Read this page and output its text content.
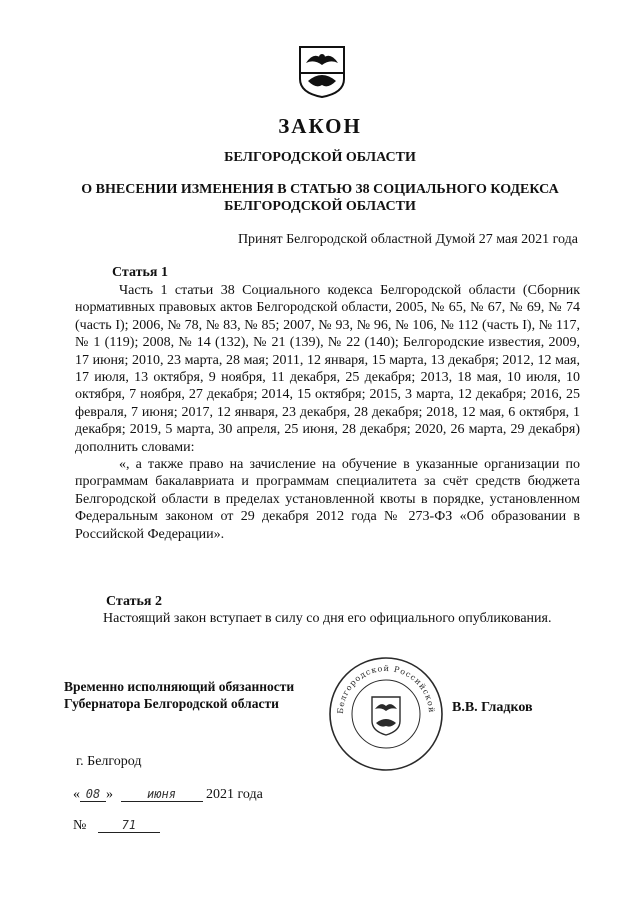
ЗАКОН
БЕЛГОРОДСКОЙ ОБЛАСТИ
О ВНЕСЕНИИ ИЗМЕНЕНИЯ В СТАТЬЮ 38 СОЦИАЛЬНОГО КОДЕКСА
БЕЛГОРОДСКОЙ ОБЛАСТИ
Принят Белгородской областной Думой 27 мая 2021 года
Статья 1

Часть 1 статьи 38 Социального кодекса Белгородской области (Сборник нормативных правовых актов Белгородской области, 2005, № 65, № 67, № 69, № 74 (часть I); 2006, № 78, № 83, № 85; 2007, № 93, № 96, № 106, № 112 (часть I), № 117, № 1 (119); 2008, № 14 (132), № 21 (139), № 22 (140); Белгородские известия, 2009, 17 июня; 2010, 23 марта, 28 мая; 2011, 12 января, 15 марта, 13 декабря; 2012, 12 мая, 17 июля, 13 октября, 9 ноября, 11 декабря, 25 декабря; 2013, 18 мая, 10 июля, 10 октября, 7 ноября, 27 декабря; 2014, 15 октября; 2015, 3 марта, 12 декабря; 2016, 25 февраля, 7 июня; 2017, 12 января, 23 декабря, 28 декабря; 2018, 12 мая, 6 октября, 1 декабря; 2019, 5 марта, 30 апреля, 25 июня, 28 декабря; 2020, 26 марта, 29 декабря) дополнить словами:

«, а также право на зачисление на обучение в указанные организации по программам бакалавриата и программам специалитета за счёт средств бюджета Белгородской области в пределах установленной квоты в порядке, установленном Федеральным законом от 29 декабря 2012 года № 273-ФЗ «Об образовании в Российской Федерации».

Статья 2
Настоящий закон вступает в силу со дня его официального опубликования.
Временно исполняющий обязанности
Губернатора Белгородской области	В.В. Гладков
Белгородской Российской
г. Белгород
« 08 »	июня 2021 года
№	71
